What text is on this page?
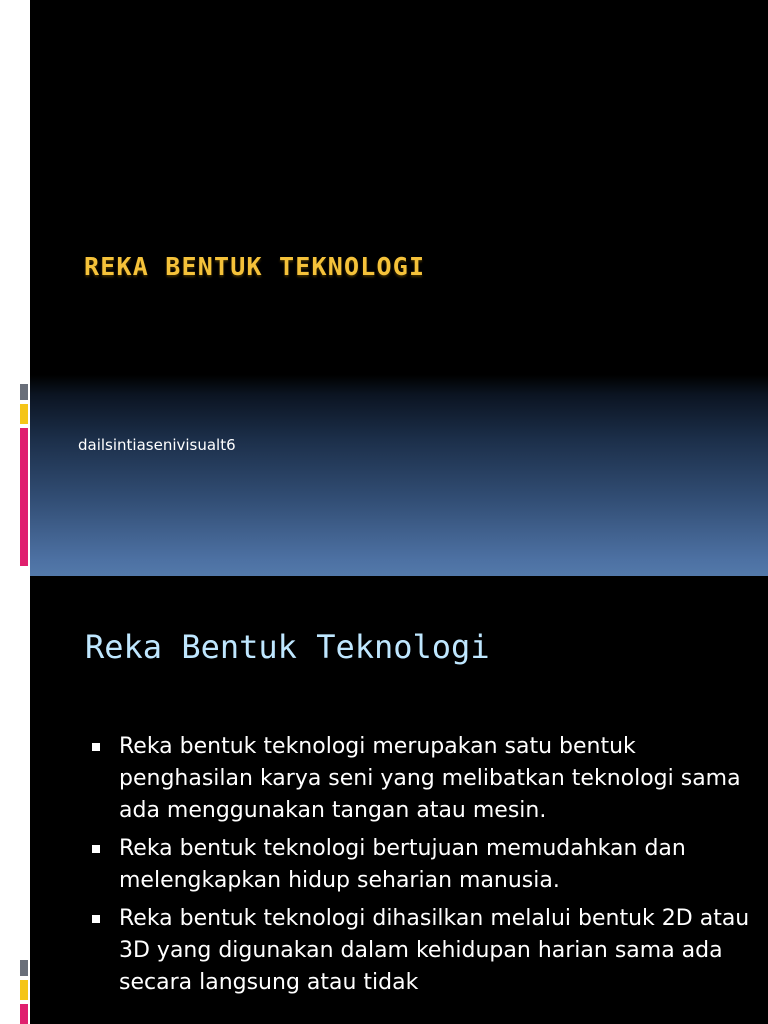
REKA BENTUK TEKNOLOGI

dailsintiasenivisualt6

Reka Bentuk Teknologi
Reka bentuk teknologi merupakan satu bentuk penghasilan karya seni yang melibatkan teknologi sama ada menggunakan tangan atau mesin.
Reka bentuk teknologi bertujuan memudahkan dan melengkapkan hidup seharian manusia.
Reka bentuk teknologi dihasilkan melalui bentuk 2D atau 3D yang digunakan dalam kehidupan harian sama ada secara langsung atau tidak
